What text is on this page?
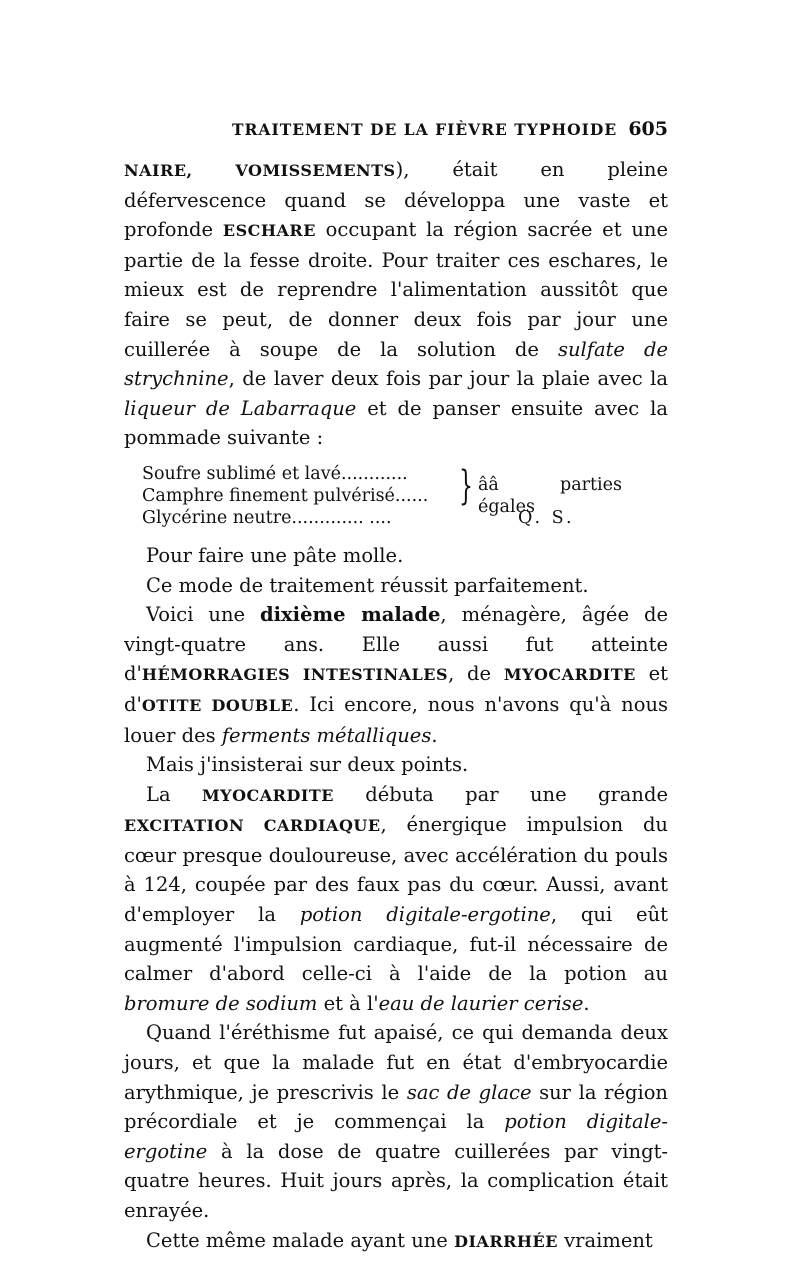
TRAITEMENT DE LA FIÈVRE TYPHOIDE 605

NAIRE, VOMISSEMENTS), était en pleine défervescence quand se développa une vaste et profonde ESCHARE occupant la région sacrée et une partie de la fesse droite. Pour traiter ces eschares, le mieux est de reprendre l'alimentation aussitôt que faire se peut, de donner deux fois par jour une cuillerée à soupe de la solution de sulfate de strychnine, de laver deux fois par jour la plaie avec la liqueur de Labarraque et de panser ensuite avec la pommade suivante :

Soufre sublimé et lavé............
Camphre finement pulvérisé......
Glycérine neutre............. ....
} ââ parties égales
Q. S.

Pour faire une pâte molle.

Ce mode de traitement réussit parfaitement.

Voici une dixième malade, ménagère, âgée de vingt-quatre ans. Elle aussi fut atteinte d'HÉMORRAGIES INTESTINALES, de MYOCARDITE et d'OTITE DOUBLE. Ici encore, nous n'avons qu'à nous louer des ferments métalliques.

Mais j'insisterai sur deux points.

La MYOCARDITE débuta par une grande EXCITATION CARDIAQUE, énergique impulsion du cœur presque douloureuse, avec accélération du pouls à 124, coupée par des faux pas du cœur. Aussi, avant d'employer la potion digitale-ergotine, qui eût augmenté l'impulsion cardiaque, fut-il nécessaire de calmer d'abord celle-ci à l'aide de la potion au bromure de sodium et à l'eau de laurier cerise.

Quand l'éréthisme fut apaisé, ce qui demanda deux jours, et que la malade fut en état d'embryocardie arythmique, je prescrivis le sac de glace sur la région précordiale et je commençai la potion digitale-ergotine à la dose de quatre cuillerées par vingt-quatre heures. Huit jours après, la complication était enrayée.

Cette même malade ayant une DIARRHÉE vraiment
